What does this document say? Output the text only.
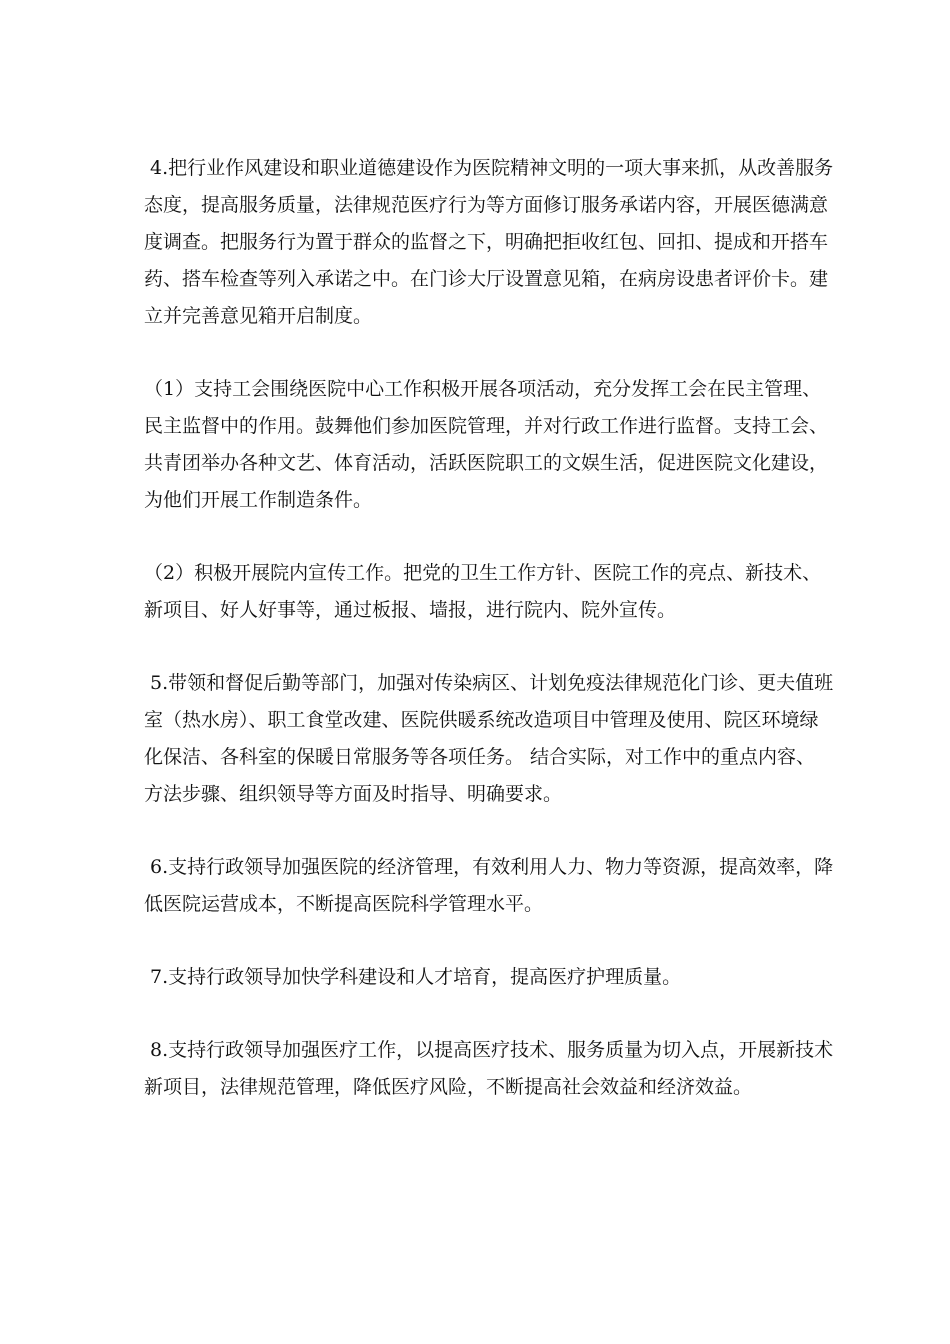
4.把行业作风建设和职业道德建设作为医院精神文明的一项大事来抓，从改善服务态度，提高服务质量，法律规范医疗行为等方面修订服务承诺内容，开展医德满意度调查。把服务行为置于群众的监督之下，明确把拒收红包、回扣、提成和开搭车药、搭车检查等列入承诺之中。在门诊大厅设置意见箱，在病房设患者评价卡。建立并完善意见箱开启制度。

（1）支持工会围绕医院中心工作积极开展各项活动，充分发挥工会在民主管理、民主监督中的作用。鼓舞他们参加医院管理，并对行政工作进行监督。支持工会、共青团举办各种文艺、体育活动，活跃医院职工的文娱生活，促进医院文化建设， 为他们开展工作制造条件。

（2）积极开展院内宣传工作。把党的卫生工作方针、医院工作的亮点、新技术、新项目、好人好事等，通过板报、墙报，进行院内、院外宣传。

5.带领和督促后勤等部门，加强对传染病区、计划免疫法律规范化门诊、更夫值班室（热水房）、职工食堂改建、医院供暖系统改造项目中管理及使用、院区环境绿化保洁、各科室的保暖日常服务等各项任务。 结合实际，对工作中的重点内容、方法步骤、组织领导等方面及时指导、明确要求。

6.支持行政领导加强医院的经济管理，有效利用人力、物力等资源，提高效率，降低医院运营成本，不断提高医院科学管理水平。

7.支持行政领导加快学科建设和人才培育，提高医疗护理质量。

8.支持行政领导加强医疗工作，以提高医疗技术、服务质量为切入点，开展新技术新项目，法律规范管理，降低医疗风险，不断提高社会效益和经济效益。
